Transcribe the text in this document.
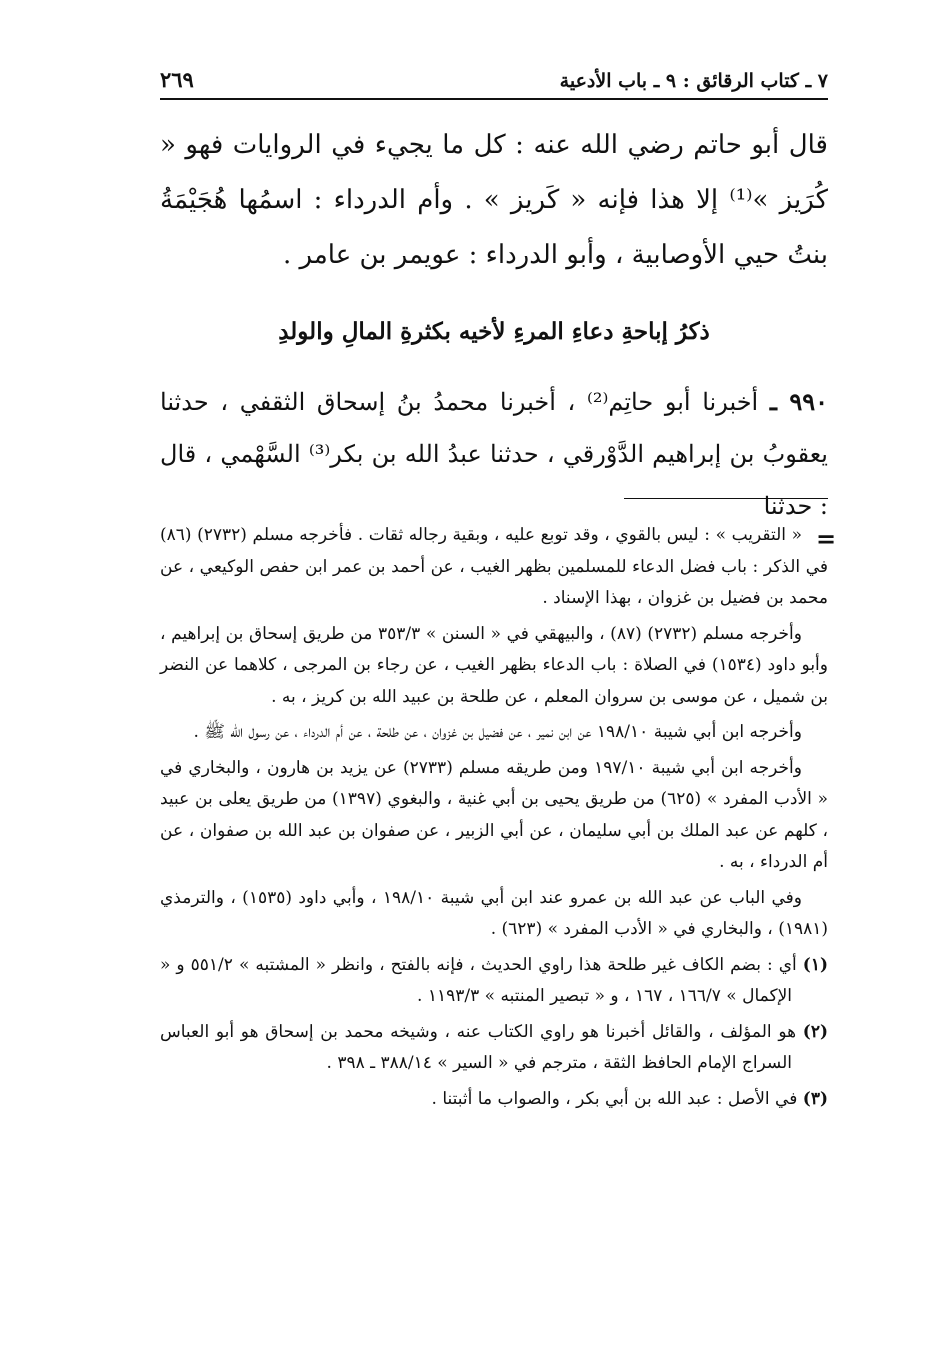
٧ ـ كتاب الرقائق : ٩ ـ باب الأدعية
٢٦٩

قال أبو حاتم رضي الله عنه : كل ما يجيء في الروايات فهو « كُرَيز »⁽¹⁾ إلا هذا فإنه « كَريز » . وأم الدرداء : اسمُها هُجَيْمَةُ بنتُ حيي الأوصابية ، وأبو الدرداء : عويمر بن عامر .

ذكرُ إباحةِ دعاءِ المرءِ لأخيه بكثرةِ المالِ والولدِ

٩٩٠ ـ أخبرنا أبو حاتِم⁽²⁾ ، أخبرنا محمدُ بنُ إسحاق الثقفي ، حدثنا يعقوبُ بن إبراهيم الدَّوْرقي ، حدثنا عبدُ الله بن بكر⁽³⁾ السَّهْمي ، قال : حدثنا

=

« التقريب » : ليس بالقوي ، وقد توبع عليه ، وبقية رجاله ثقات . فأخرجه مسلم (٢٧٣٢) (٨٦) في الذكر : باب فضل الدعاء للمسلمين بظهر الغيب ، عن أحمد بن عمر ابن حفص الوكيعي ، عن محمد بن فضيل بن غزوان ، بهذا الإسناد .

وأخرجه مسلم (٢٧٣٢) (٨٧) ، والبيهقي في « السنن » ٣٥٣/٣ من طريق إسحاق بن إبراهيم ، وأبو داود (١٥٣٤) في الصلاة : باب الدعاء بظهر الغيب ، عن رجاء بن المرجى ، كلاهما عن النضر بن شميل ، عن موسى بن سروان المعلم ، عن طلحة بن عبيد الله بن كريز ، به .

وأخرجه ابن أبي شيبة ١٩٨/١٠ عن ابن نمير ، عن فضيل بن غزوان ، عن طلحة ، عن أم الدرداء ، عن رسول الله ﷺ .

وأخرجه ابن أبي شيبة ١٩٧/١٠ ومن طريقه مسلم (٢٧٣٣) عن يزيد بن هارون ، والبخاري في « الأدب المفرد » (٦٢٥) من طريق يحيى بن أبي غنية ، والبغوي (١٣٩٧) من طريق يعلى بن عبيد ، كلهم عن عبد الملك بن أبي سليمان ، عن أبي الزبير ، عن صفوان بن عبد الله بن صفوان ، عن أم الدرداء ، به .

وفي الباب عن عبد الله بن عمرو عند ابن أبي شيبة ١٩٨/١٠ ، وأبي داود (١٥٣٥) ، والترمذي (١٩٨١) ، والبخاري في « الأدب المفرد » (٦٢٣) .

(١) أي : بضم الكاف غير طلحة هذا راوي الحديث ، فإنه بالفتح ، وانظر « المشتبه » ٥٥١/٢ و « الإكمال » ١٦٦/٧ ، ١٦٧ ، و « تبصير المنتبه » ١١٩٣/٣ .

(٢) هو المؤلف ، والقائل أخبرنا هو راوي الكتاب عنه ، وشيخه محمد بن إسحاق هو أبو العباس السراج الإمام الحافظ الثقة ، مترجم في « السير » ٣٨٨/١٤ ـ ٣٩٨ .

(٣) في الأصل : عبد الله بن أبي بكر ، والصواب ما أثبتنا .
